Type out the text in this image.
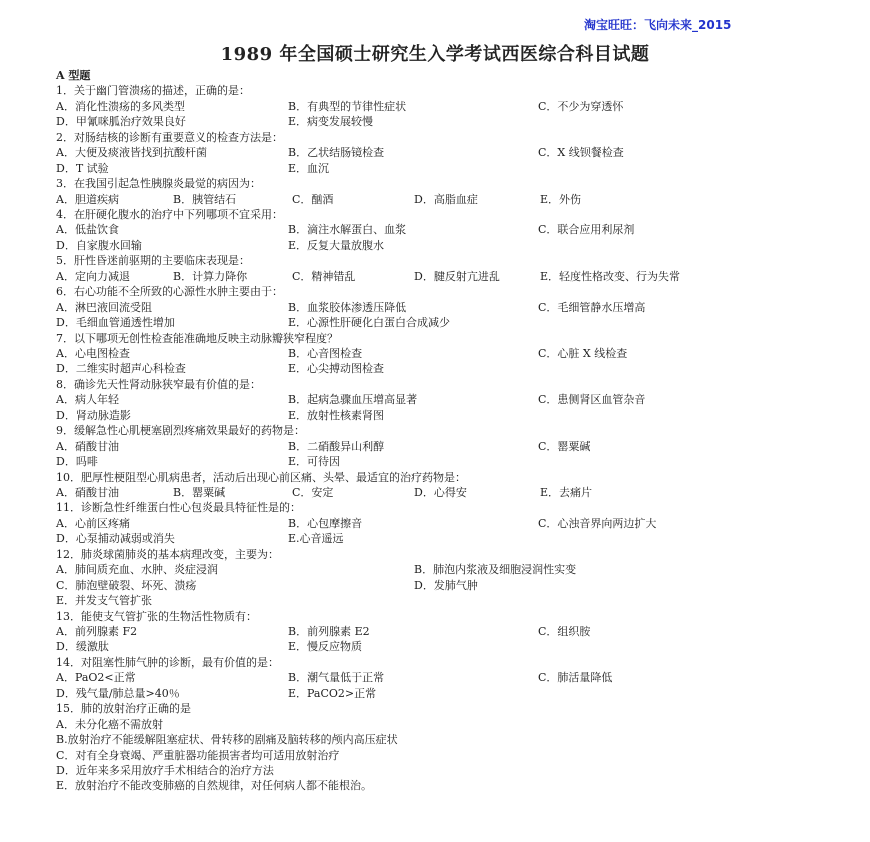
淘宝旺旺：飞向未来_2015
1989 年全国硕士研究生入学考试西医综合科目试题
A 型题
1．关于幽门管溃疡的描述，正确的是：
A．消化性溃疡的多风类型	B．有典型的节律性症状	C．不少为穿透怀
D．甲氰咪胍治疗效果良好	E．病变发展较慢
2．对肠结核的诊断有重要意义的检查方法是：
A．大便及痰液皆找到抗酸杆菌	B．乙状结肠镜检查	C．X 线钡餐检查
D．T 试验	E．血沉
3．在我国引起急性胰腺炎最觉的病因为：
A．胆道疾病	B．胰管结石	C．酗酒	D．高脂血症	E．外伤
4．在肝硬化腹水的治疗中下列哪项不宜采用：
A．低盐饮食	B．滴注水解蛋白、血浆	C．联合应用利尿剂
D．自家腹水回输	E．反复大量放腹水
5．肝性昏迷前驱期的主要临床表现是：
A．定向力减退	B．计算力降你	C．精神错乱	D．腱反射亢进乱	E．轻度性格改变、行为失常
6．右心功能不全所致的心源性水肿主要由于：
A．淋巴液回流受阻	B．血浆胶体渗透压降低	C．毛细管静水压增高
D．毛细血管通透性增加	E．心源性肝硬化白蛋白合成减少
7．以下哪项无创性检查能准确地反映主动脉瓣狭窄程度？
A．心电图检查	B．心音图检查	C．心脏 X 线检查
D．二维实时超声心科检查	E．心尖搏动图检查
8．确诊先天性肾动脉狭窄最有价值的是：
A．病人年轻	B．起病急骤血压增高显著	C．患侧肾区血管杂音
D．肾动脉造影	E．放射性核素肾图
9．缓解急性心肌梗塞剧烈疼痛效果最好的药物是：
A．硝酸甘油	B．二硝酸异山利醇	C．罂粟碱
D．吗啡	E．可待因
10．肥厚性梗阻型心肌病患者，活动后出现心前区痛、头晕、最适宜的治疗药物是：
A．硝酸甘油	B．罂粟碱	C．安定	D．心得安	E．去痛片
11．诊断急性纤维蛋白性心包炎最具特征性是的：
A．心前区疼痛	B．心包摩擦音	C．心浊音界向两边扩大
D．心泵捕动减弱或消失	E.心音遥远
12．肺炎球菌肺炎的基本病理改变，主要为：
A．肺间质充血、水肿、炎症浸润	B．肺泡内浆液及细胞浸润性实变
C．肺泡壁破裂、坏死、溃疡	D．发肺气肿
E．并发支气管扩张
13．能使支气管扩张的生物活性物质有：
A．前列腺素 F2	B．前列腺素 E2	C．组织胺
D．缓激肽	E．慢反应物质
14．对阻塞性肺气肿的诊断，最有价值的是：
A．PaO2<正常	B．潮气量低于正常	C．肺活量降低
D．残气量/肺总量>40％	E．PaCO2>正常
15．肺的放射治疗正确的是
A．未分化癌不需放射
B.放射治疗不能缓解阻塞症状、骨转移的剧痛及脑转移的颅内高压症状
C．对有全身衰竭、严重脏器功能损害者均可适用放射治疗
D．近年来多采用放疗手术相结合的治疗方法
E．放射治疗不能改变肺癌的自然规律，对任何病人都不能根治。
